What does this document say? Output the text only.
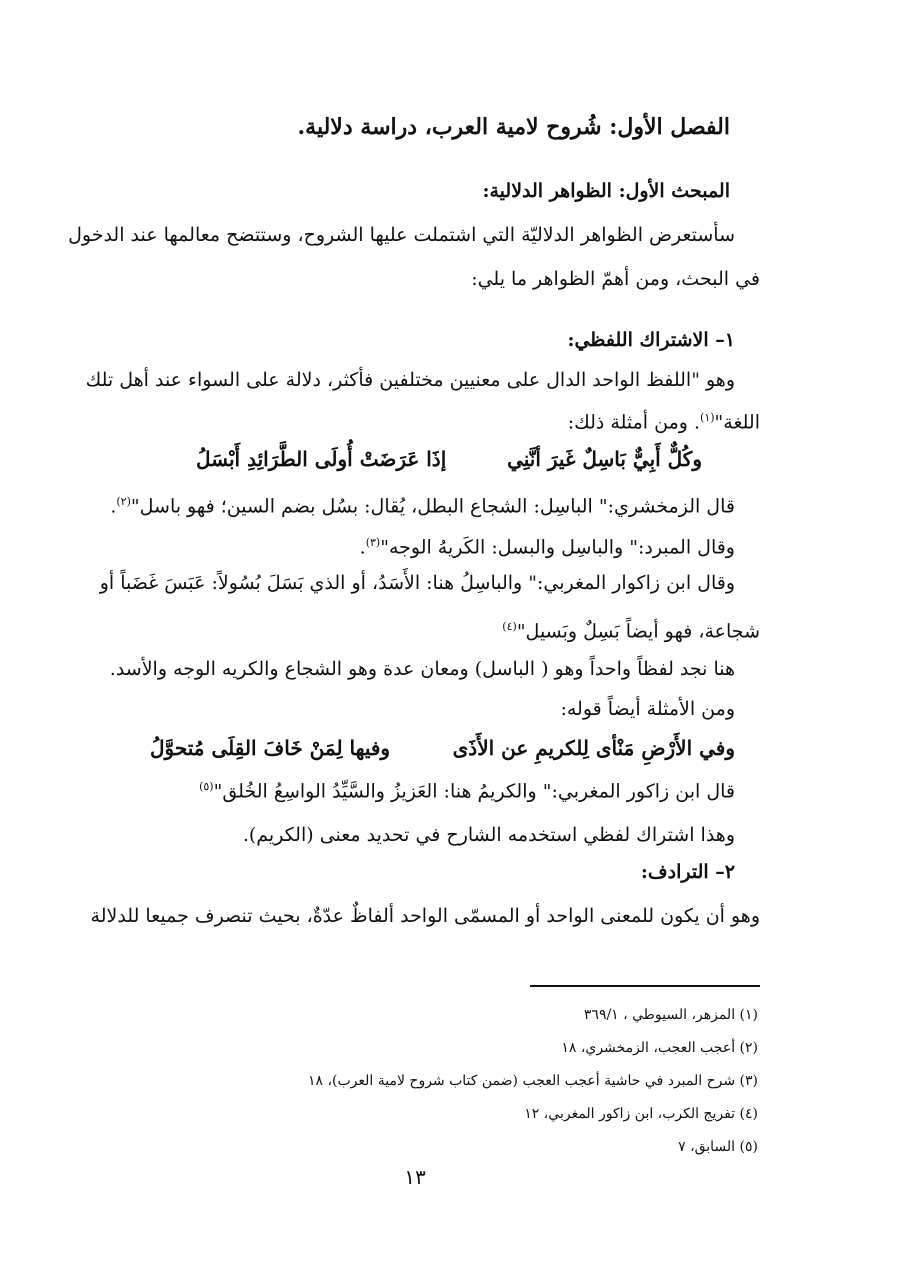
الفصل الأول: شُروح لامية العرب، دراسة دلالية.
المبحث الأول: الظواهر الدلالية:
سأستعرض الظواهر الدلاليّة التي اشتملت عليها الشروح، وستتضح معالمها عند الدخول
في البحث، ومن أهمّ الظواهر ما يلي:
١– الاشتراك اللفظي:
وهو "اللفظ الواحد الدال على معنيين مختلفين فأكثر، دلالة على السواء عند أهل تلك
اللغة"$^{(١)}$. ومن أمثلة ذلك:
وكُلٌّ أَبِيٌّ بَاسِلٌ غَيرَ أنَّنِي
إذَا عَرَضَتْ أُولَى الطَّرَائِدِ أَبْسَلُ
قال الزمخشري:" الباسِل: الشجاع البطل، يُقال: بسُل بضم السين؛ فهو باسل"$^{(٢)}$.
وقال المبرد:" والباسِل والبسل: الكَريهُ الوجه"$^{(٣)}$.
وقال ابن زاكوار المغربي:" والباسِلُ هنا: الأَسَدُ، أو الذي بَسَلَ بُسُولاً: عَبَسَ غَضَباً أو
شجاعة، فهو أيضاً بَسِلٌ وبَسيل"$^{(٤)}$
هنا نجد لفظاً واحداً وهو ( الباسل) ومعان عدة وهو الشجاع والكريه الوجه والأسد.
ومن الأمثلة أيضاً قوله:
وفي الأَرْضِ مَنْأى لِلكريمِ عن الأَذَى
وفيها لِمَنْ خَافَ القِلَى مُتحوَّلُ
قال ابن زاكور المغربي:" والكريمُ هنا: العَزيزُ والسَّيِّدُ الواسِعُ الخُلق"$^{(٥)}$
وهذا اشتراك لفظي استخدمه الشارح في تحديد معنى (الكريم).
٢– الترادف:
وهو أن يكون للمعنى الواحد أو المسمّى الواحد ألفاظٌ عدّةٌ، بحيث تنصرف جميعا للدلالة
(١) المزهر، السيوطي ، ٣٦٩/١
(٢) أعجب العجب، الزمخشري، ١٨
(٣) شرح المبرد في حاشية أعجب العجب (ضمن كتاب شروح لامية العرب)، ١٨
(٤) تفريج الكرب، ابن زاكور المغربي، ١٢
(٥) السابق، ٧
١٣
